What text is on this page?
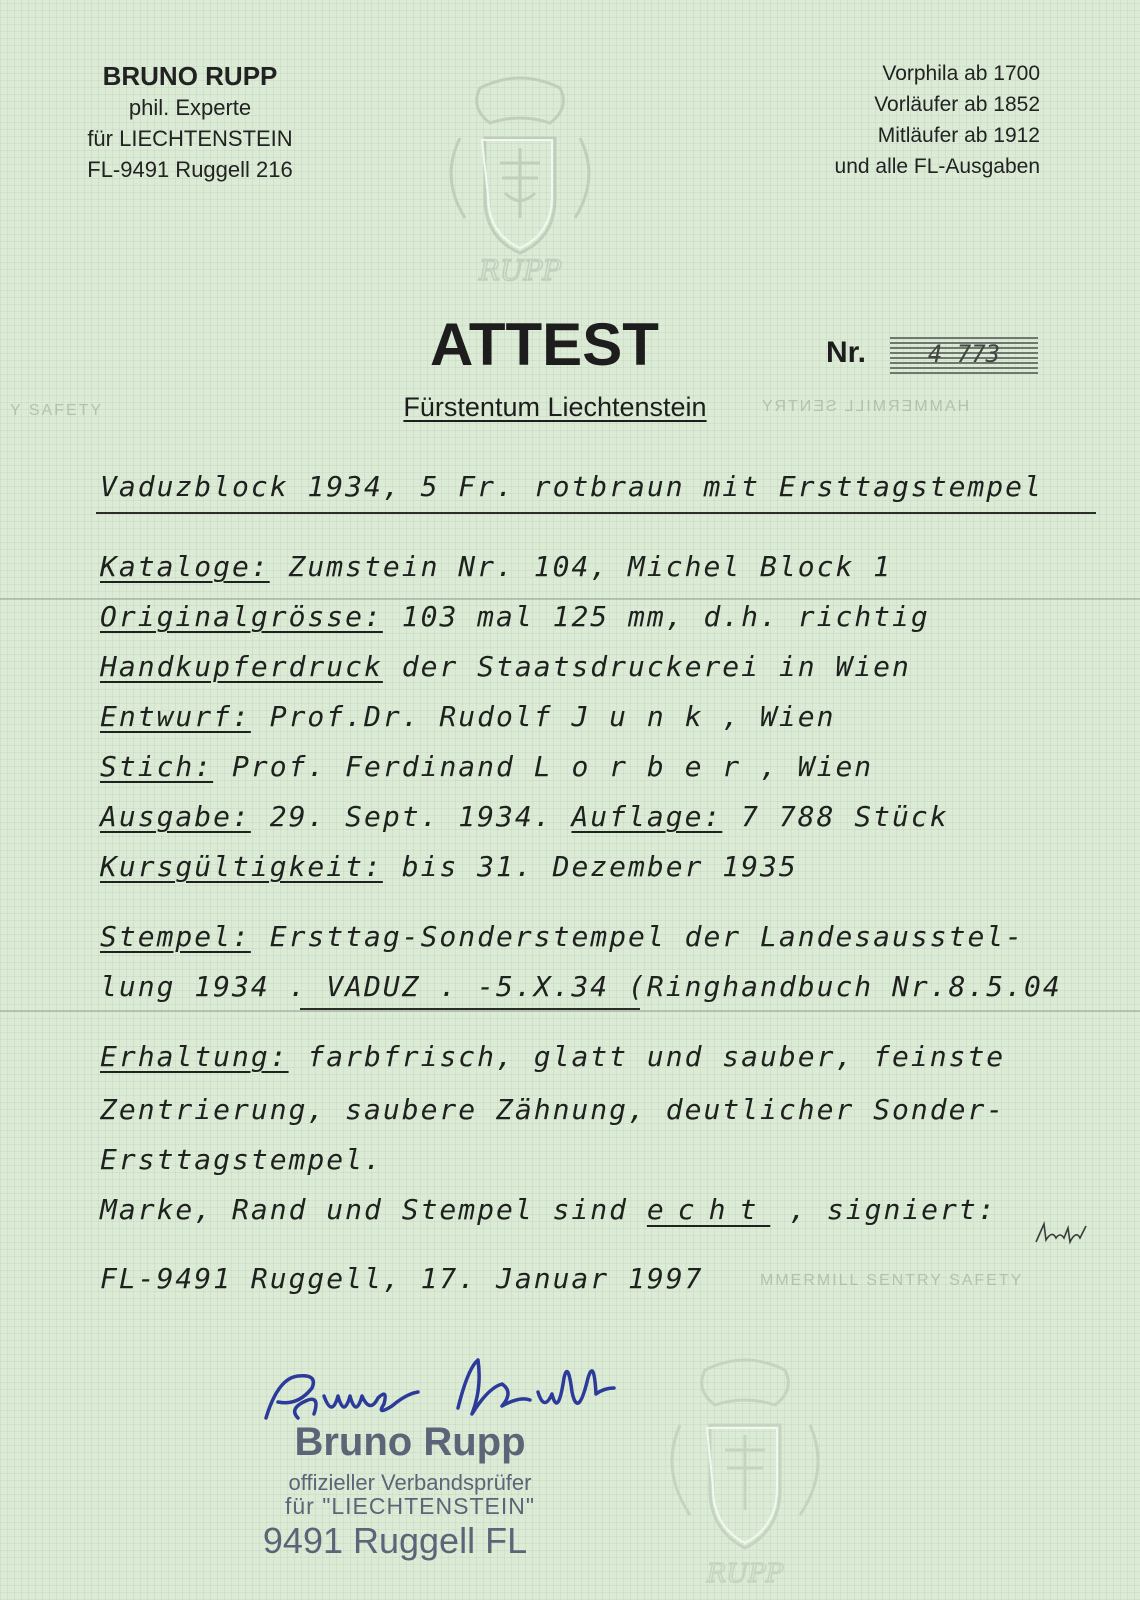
Y SAFETY	HAMMERMILL SENTRY
MMERMILL SENTRY SAFETY
BRUNO RUPP
phil. Experte
für LIECHTENSTEIN
FL-9491 Ruggell 216
Vorphila ab 1700
Vorläufer ab 1852
Mitläufer ab 1912
und alle FL-Ausgaben
RUPP
ATTEST	Nr.	4 773
Fürstentum Liechtenstein
Vaduzblock 1934, 5 Fr. rotbraun mit Ersttagstempel
Kataloge: Zumstein Nr. 104, Michel Block 1
Originalgrösse: 103 mal 125 mm, d.h. richtig
Handkupferdruck der Staatsdruckerei in Wien
Entwurf: Prof.Dr. Rudolf J u n k , Wien
Stich: Prof. Ferdinand L o r b e r , Wien
Ausgabe: 29. Sept. 1934. Auflage: 7 788 Stück
Kursgültigkeit: bis 31. Dezember 1935
Stempel: Ersttag-Sonderstempel der Landesausstel-
lung 1934 . VADUZ . -5.X.34 (Ringhandbuch Nr.8.5.04
Erhaltung: farbfrisch, glatt und sauber, feinste
Zentrierung, saubere Zähnung, deutlicher Sonder-
Ersttagstempel.
Marke, Rand und Stempel sind echt , signiert:	Rupp
FL-9491 Ruggell, 17. Januar 1997
Bruno Rupp
Bruno Rupp
offizieller Verbandsprüfer
für "LIECHTENSTEIN"
9491 Ruggell FL
RUPP
